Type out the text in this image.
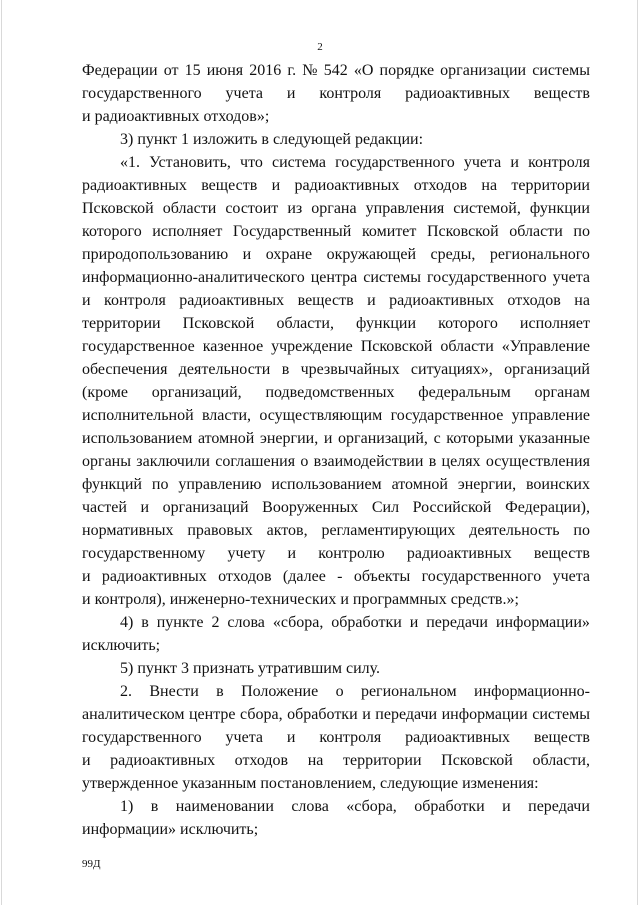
2
Федерации от 15 июня 2016 г. № 542 «О порядке организации системы
государственного учета и контроля радиоактивных веществ
и радиоактивных отходов»;
3) пункт 1 изложить в следующей редакции:
«1. Установить, что система государственного учета и контроля
радиоактивных веществ и радиоактивных отходов на территории
Псковской области состоит из органа управления системой, функции
которого исполняет Государственный комитет Псковской области по
природопользованию и охране окружающей среды, регионального
информационно-аналитического центра системы государственного учета
и контроля радиоактивных веществ и радиоактивных отходов на
территории Псковской области, функции которого исполняет
государственное казенное учреждение Псковской области «Управление
обеспечения деятельности в чрезвычайных ситуациях», организаций
(кроме организаций, подведомственных федеральным органам
исполнительной власти, осуществляющим государственное управление
использованием атомной энергии, и организаций, с которыми указанные
органы заключили соглашения о взаимодействии в целях осуществления
функций по управлению использованием атомной энергии, воинских
частей и организаций Вооруженных Сил Российской Федерации),
нормативных правовых актов, регламентирующих деятельность по
государственному учету и контролю радиоактивных веществ
и радиоактивных отходов (далее - объекты государственного учета
и контроля), инженерно-технических и программных средств.»;
4) в пункте 2 слова «сбора, обработки и передачи информации»
исключить;
5) пункт 3 признать утратившим силу.
2. Внести в Положение о региональном информационно-
аналитическом центре сбора, обработки и передачи информации системы
государственного учета и контроля радиоактивных веществ
и радиоактивных отходов на территории Псковской области,
утвержденное указанным постановлением, следующие изменения:
1) в наименовании слова «сбора, обработки и передачи
информации» исключить;
99Д
